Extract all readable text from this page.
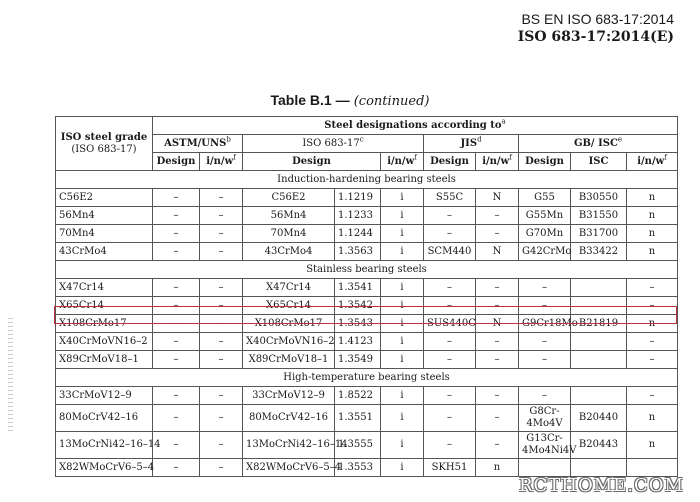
BS EN ISO 683-17:2014
ISO 683-17:2014(E)
Table B.1 — (continued)
ISO steel grade
(ISO 683-17)	Steel designations according $to^a$
	ASTM/UNS$^b$		ISO 683-17$^c$			JIS$^d$		GB/ ISC$^e$
	Design	$i/n/w^f$	Design		$i/n/w^f$	Design	$i/n/w^f$	Design	ISC	$i/n/w^f$
Induction-hardening bearing steels										
C56E2	–	–	C56E2	1.1219	i	S55C	N	G55	B30550	n
56Mn4	–	–	56Mn4	1.1233	i	–	–	G55Mn	B31550	n
70Mn4	–	–	70Mn4	1.1244	i	–	–	G70Mn	B31700	n
43CrMo4	–	–	43CrMo4	1.3563	i	SCM440	N	G42CrMo	B33422	n
Stainless bearing steels										
X47Cr14	–	–	X47Cr14	1.3541	i	–	–	–		–
X65Cr14	–	–	X65Cr14	1.3542	i	–	–	–		–
X108CrMo17	–	–	X108CrMo17	1.3543	i	SUS440C	N	G9Cr18Mo	B21819	n
X40CrMoVN16–2	–	–	X40CrMoVN16–2	1.4123	i	–	–	–		–
X89CrMoV18–1	–	–	X89CrMoV18–1	1.3549	i	–	–	–		–
High-temperature bearing steels										
33CrMoV12–9	–	–	33CrMoV12–9	1.8522	i	–	–	–		–
80MoCrV42–16	–	–	80MoCrV42–16	1.3551	i	–	–	G8Cr-4Mo4V	B20440	n
13MoCrNi42–16–14	–	–	13MoCrNi42–16–14	1.3555	i	–	–	G13Cr-4Mo4Ni4V	B20443	n
X82WMoCrV6–5–4	–	–	X82WMoCrV6–5–4	1.3553	i	SKH51	n			
RCTHOME.COM
